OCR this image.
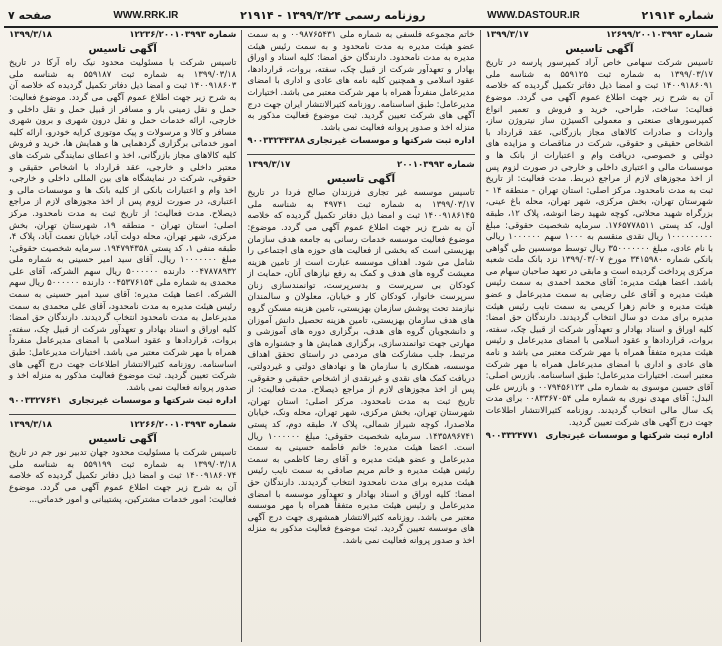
شماره ۲۱۹۱۴
WWW.DASTOUR.IR
روزنامه رسمی ۱۳۹۹/۳/۲۴ - ۲۱۹۱۴
WWW.RRK.IR
صفحه ۷
شماره ۱۲۶۹۹/۲۰۰۱۰۳۹۹۳
۱۳۹۹/۳/۱۷
آگهی تاسیس

تاسیس شرکت سهامی خاص آراد کمپرسور پارسه در تاریخ ۱۳۹۹/۰۳/۱۷ به شماره ثبت ۵۵۹۱۲۵ به شناسه ملی ۱۴۰۰۹۱۸۶۰۹۱ ثبت و امضا ذیل دفاتر تکمیل گردیده که خلاصه آن به شرح زیر جهت اطلاع عموم آگهی می گردد. موضوع فعالیت: ساخت، طراحی، خرید و فروش و تعمیر انواع کمپرسورهای صنعتی و معمولی اکسیژن ساز نیتروژن ساز، واردات و صادرات کالاهای مجاز بازرگانی، عقد قرارداد با اشخاص حقیقی و حقوقی، شرکت در مناقصات و مزایده های دولتی و خصوصی، دریافت وام و اعتبارات از بانک ها و موسسات مالی و اعتباری داخلی و خارجی در صورت لزوم پس از اخذ مجوزهای لازم از مراجع ذیربط. مدت فعالیت: از تاریخ ثبت به مدت نامحدود. مرکز اصلی: استان تهران - منطقه ۱۴ - شهرستان تهران، بخش مرکزی، شهر تهران، محله باغ عینی، بزرگراه شهید محلاتی، کوچه شهید رضا انوشه، پلاک ۱۲، طبقه اول، کد پستی ۱۷۶۵۷۷۸۵۱۱. سرمایه شخصیت حقوقی: مبلغ ۱۰۰۰۰۰۰۰۰۰ ریال نقدی منقسم به ۱۰۰۰ سهم ۱۰۰۰۰۰۰ ریالی با نام عادی، مبلغ ۳۵۰۰۰۰۰۰۰ ریال توسط موسسین طی گواهی بانکی شماره ۳۴۱۵۹۸۰ مورخ ۱۳۹۹/۰۳/۰۷ نزد بانک ملت شعبه مرکزی پرداخت گردیده است و مابقی در تعهد صاحبان سهام می باشد. اعضا هیئت مدیره: آقای محمد احمدی به سمت رئیس هیئت مدیره و آقای علی رضایی به سمت مدیرعامل و عضو هیئت مدیره و خانم زهرا کریمی به سمت نایب رئیس هیئت مدیره برای مدت دو سال انتخاب گردیدند. دارندگان حق امضا: کلیه اوراق و اسناد بهادار و تعهدآور شرکت از قبیل چک، سفته، بروات، قراردادها و عقود اسلامی با امضای مدیرعامل و رئیس هیئت مدیره متفقاً همراه با مهر شرکت معتبر می باشد و نامه های عادی و اداری با امضای مدیرعامل همراه با مهر شرکت معتبر است. اختیارات مدیرعامل: طبق اساسنامه. بازرس اصلی: آقای حسین موسوی به شماره ملی ۰۰۷۹۴۵۶۱۲۳ و بازرس علی البدل: آقای مهدی نوری به شماره ملی ۰۰۸۳۳۶۷۰۵۴ برای مدت یک سال مالی انتخاب گردیدند. روزنامه کثیرالانتشار اطلاعات جهت درج آگهی های شرکت تعیین گردید.

اداره ثبت شرکتها و موسسات غیرتجاری
۹۰۰۳۳۲۴۷۷۱

خاتم مجموعه فلسفی به شماره ملی ۰۰۹۸۷۶۵۴۳۱ و به سمت عضو هیئت مدیره به مدت نامحدود و به سمت رئیس هیئت مدیره به مدت نامحدود. دارندگان حق امضا: کلیه اسناد و اوراق بهادار و تعهدآور شرکت از قبیل چک، سفته، بروات، قراردادها، عقود اسلامی و همچنین کلیه نامه های عادی و اداری با امضای مدیرعامل منفرداً همراه با مهر شرکت معتبر می باشد. اختیارات مدیرعامل: طبق اساسنامه. روزنامه کثیرالانتشار ایران جهت درج آگهی های شرکت تعیین گردید. ثبت موضوع فعالیت مذکور به منزله اخذ و صدور پروانه فعالیت نمی باشد.

اداره ثبت شرکتها و موسسات غیرتجاری
۹۰۰۳۳۲۴۴۳۸۸
شماره ۲۰۰۱۰۳۹۹۳
۱۳۹۹/۳/۱۷
آگهی تاسیس

تاسیس موسسه غیر تجاری فرزندان صالح فردا در تاریخ ۱۳۹۹/۰۳/۱۷ به شماره ثبت ۴۹۷۴۱ به شناسه ملی ۱۴۰۰۹۱۸۶۱۴۵ ثبت و امضا ذیل دفاتر تکمیل گردیده که خلاصه آن به شرح زیر جهت اطلاع عموم آگهی می گردد. موضوع: موضوع فعالیت موسسه خدمات رسانی به جامعه هدف سازمان بهزیستی است که بخشی از فعالیت های حوزه های اجتماعی را شامل می شود. اهداف موسسه عبارت است از تامین هزینه معیشت گروه های هدف و کمک به رفع نیازهای آنان، حمایت از کودکان بی سرپرست و بدسرپرست، توانمندسازی زنان سرپرست خانوار، کودکان کار و خیابان، معلولان و سالمندان نیازمند تحت پوشش سازمان بهزیستی، تامین هزینه مسکن گروه های هدف سازمان بهزیستی، تامین هزینه تحصیل دانش آموزان و دانشجویان گروه های هدف، برگزاری دوره های آموزشی و مهارتی جهت توانمندسازی، برگزاری همایش ها و جشنواره های مرتبط، جلب مشارکت های مردمی در راستای تحقق اهداف موسسه، همکاری با سازمان ها و نهادهای دولتی و غیردولتی، دریافت کمک های نقدی و غیرنقدی از اشخاص حقیقی و حقوقی. پس از اخذ مجوزهای لازم از مراجع ذیصلاح. مدت فعالیت: از تاریخ ثبت به مدت نامحدود. مرکز اصلی: استان تهران، شهرستان تهران، بخش مرکزی، شهر تهران، محله ونک، خیابان ملاصدرا، کوچه شیراز شمالی، پلاک ۷، طبقه دوم، کد پستی ۱۴۳۵۸۹۶۷۴۱. سرمایه شخصیت حقوقی: مبلغ ۱۰۰۰۰۰۰ ریال است. اعضا هیئت مدیره: خانم فاطمه حسینی به سمت مدیرعامل و عضو هیئت مدیره و آقای رضا کاظمی به سمت رئیس هیئت مدیره و خانم مریم صادقی به سمت نایب رئیس هیئت مدیره برای مدت نامحدود انتخاب گردیدند. دارندگان حق امضا: کلیه اوراق و اسناد بهادار و تعهدآور موسسه با امضای مدیرعامل و رئیس هیئت مدیره متفقاً همراه با مهر موسسه معتبر می باشد. روزنامه کثیرالانتشار همشهری جهت درج آگهی های موسسه تعیین گردید. ثبت موضوع فعالیت مذکور به منزله اخذ و صدور پروانه فعالیت نمی باشد.

شماره ۱۲۲۳۶/۲۰۰۱۰۳۹۹۳
۱۳۹۹/۳/۱۸
آگهی تاسیس

تاسیس شرکت با مسئولیت محدود نیک راه آرکا در تاریخ ۱۳۹۹/۰۳/۱۸ به شماره ثبت ۵۵۹۱۸۷ به شناسه ملی ۱۴۰۰۹۱۸۶۰۳ ثبت و امضا ذیل دفاتر تکمیل گردیده که خلاصه آن به شرح زیر جهت اطلاع عموم آگهی می گردد. موضوع فعالیت: حمل و نقل زمینی بار و مسافر از قبیل حمل و نقل داخلی و خارجی، ارائه خدمات حمل و نقل درون شهری و برون شهری مسافر و کالا و مرسولات و پیک موتوری کرایه خودرو، ارائه کلیه امور خدماتی برگزاری گردهمایی ها و همایش ها، خرید و فروش کلیه کالاهای مجاز بازرگانی، اخذ و اعطای نمایندگی شرکت های معتبر داخلی و خارجی، عقد قرارداد با اشخاص حقیقی و حقوقی، شرکت در نمایشگاه های بین المللی داخلی و خارجی، اخذ وام و اعتبارات بانکی از کلیه بانک ها و موسسات مالی و اعتباری، در صورت لزوم پس از اخذ مجوزهای لازم از مراجع ذیصلاح. مدت فعالیت: از تاریخ ثبت به مدت نامحدود. مرکز اصلی: استان تهران - منطقه ۱۹، شهرستان تهران، بخش مرکزی، شهر تهران، محله دولت آباد، خیابان نعمت آباد، پلاک ۴، طبقه منفی ۱، کد پستی ۱۹۴۷۹۴۳۵۸. سرمایه شخصیت حقوقی: مبلغ ۱۰۰۰۰۰۰۰ ریال. آقای سید امیر حسینی به شماره ملی ۰۰۴۷۸۷۸۹۳۲ دارنده ۵۰۰۰۰۰۰ ریال سهم الشرکه، آقای علی محمدی به شماره ملی ۰۰۴۵۳۷۶۱۵۴ دارنده ۵۰۰۰۰۰۰ ریال سهم الشرکه. اعضا هیئت مدیره: آقای سید امیر حسینی به سمت رئیس هیئت مدیره به مدت نامحدود، آقای علی محمدی به سمت مدیرعامل به مدت نامحدود انتخاب گردیدند. دارندگان حق امضا: کلیه اوراق و اسناد بهادار و تعهدآور شرکت از قبیل چک، سفته، بروات، قراردادها و عقود اسلامی با امضای مدیرعامل منفرداً همراه با مهر شرکت معتبر می باشد. اختیارات مدیرعامل: طبق اساسنامه. روزنامه کثیرالانتشار اطلاعات جهت درج آگهی های شرکت تعیین گردید. ثبت موضوع فعالیت مذکور به منزله اخذ و صدور پروانه فعالیت نمی باشد.

اداره ثبت شرکتها و موسسات غیرتجاری
۹۰۰۳۳۲۷۶۴۱
شماره ۱۲۲۶۶/۲۰۰۱۰۳۹۹۳
۱۳۹۹/۳/۱۸
آگهی تاسیس

تاسیس شرکت با مسئولیت محدود جهان تدبیر نور جم در تاریخ ۱۳۹۹/۰۳/۱۸ به شماره ثبت ۵۵۹۱۹۹ به شناسه ملی ۱۴۰۰۹۱۸۶۰۷۴ ثبت و امضا ذیل دفاتر تکمیل گردیده که خلاصه آن به شرح زیر جهت اطلاع عموم آگهی می گردد. موضوع فعالیت: امور خدمات مشترکین، پشتیبانی و امور خدماتی...
